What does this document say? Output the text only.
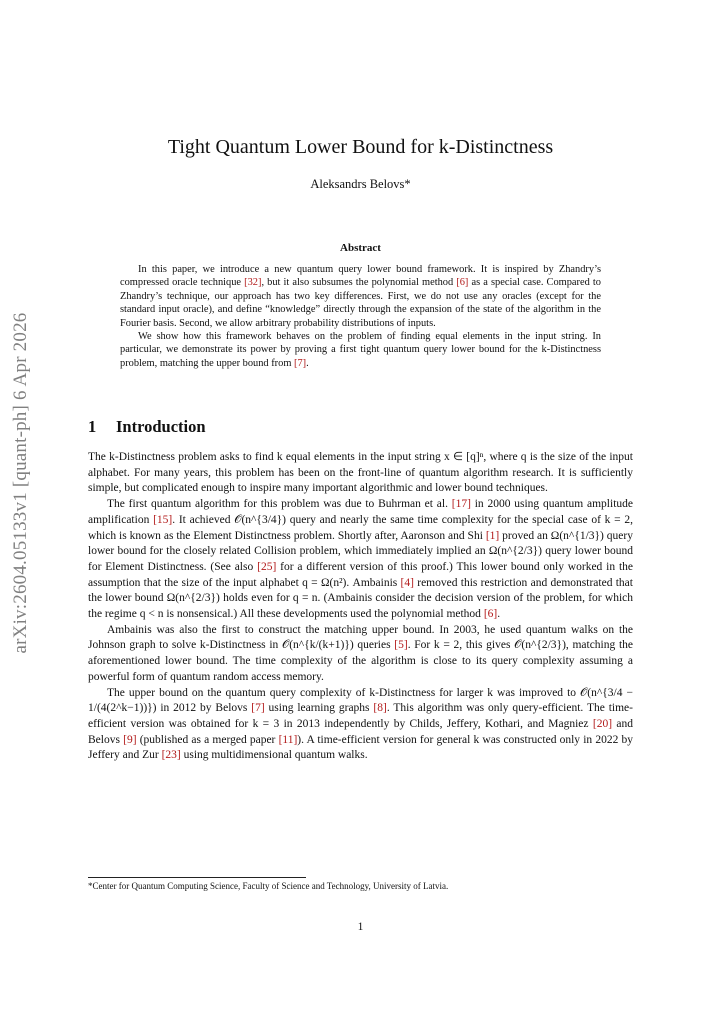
arXiv:2604.05133v1 [quant-ph] 6 Apr 2026
Tight Quantum Lower Bound for k-Distinctness
Aleksandrs Belovs*
Abstract

In this paper, we introduce a new quantum query lower bound framework. It is inspired by Zhandry’s compressed oracle technique [32], but it also subsumes the polynomial method [6] as a special case. Compared to Zhandry’s technique, our approach has two key differences. First, we do not use any oracles (except for the standard input oracle), and define “knowledge” directly through the expansion of the state of the algorithm in the Fourier basis. Second, we allow arbitrary probability distributions of inputs.

We show how this framework behaves on the problem of finding equal elements in the input string. In particular, we demonstrate its power by proving a first tight quantum query lower bound for the k-Distinctness problem, matching the upper bound from [7].

1 Introduction

The k-Distinctness problem asks to find k equal elements in the input string x ∈ [q]ⁿ, where q is the size of the input alphabet. For many years, this problem has been on the front-line of quantum algorithm research. It is sufficiently simple, but complicated enough to inspire many important algorithmic and lower bound techniques.

The first quantum algorithm for this problem was due to Buhrman et al. [17] in 2000 using quantum amplitude amplification [15]. It achieved 𝒪(n^{3/4}) query and nearly the same time complexity for the special case of k = 2, which is known as the Element Distinctness problem. Shortly after, Aaronson and Shi [1] proved an Ω(n^{1/3}) query lower bound for the closely related Collision problem, which immediately implied an Ω(n^{2/3}) query lower bound for Element Distinctness. (See also [25] for a different version of this proof.) This lower bound only worked in the assumption that the size of the input alphabet q = Ω(n²). Ambainis [4] removed this restriction and demonstrated that the lower bound Ω(n^{2/3}) holds even for q = n. (Ambainis consider the decision version of the problem, for which the regime q < n is nonsensical.) All these developments used the polynomial method [6].

Ambainis was also the first to construct the matching upper bound. In 2003, he used quantum walks on the Johnson graph to solve k-Distinctness in 𝒪(n^{k/(k+1)}) queries [5]. For k = 2, this gives 𝒪(n^{2/3}), matching the aforementioned lower bound. The time complexity of the algorithm is close to its query complexity assuming a powerful form of quantum random access memory.

The upper bound on the quantum query complexity of k-Distinctness for larger k was improved to 𝒪(n^{3/4 − 1/(4(2^k−1))}) in 2012 by Belovs [7] using learning graphs [8]. This algorithm was only query-efficient. The time-efficient version was obtained for k = 3 in 2013 independently by Childs, Jeffery, Kothari, and Magniez [20] and Belovs [9] (published as a merged paper [11]). A time-efficient version for general k was constructed only in 2022 by Jeffery and Zur [23] using multidimensional quantum walks.

*Center for Quantum Computing Science, Faculty of Science and Technology, University of Latvia.
1
